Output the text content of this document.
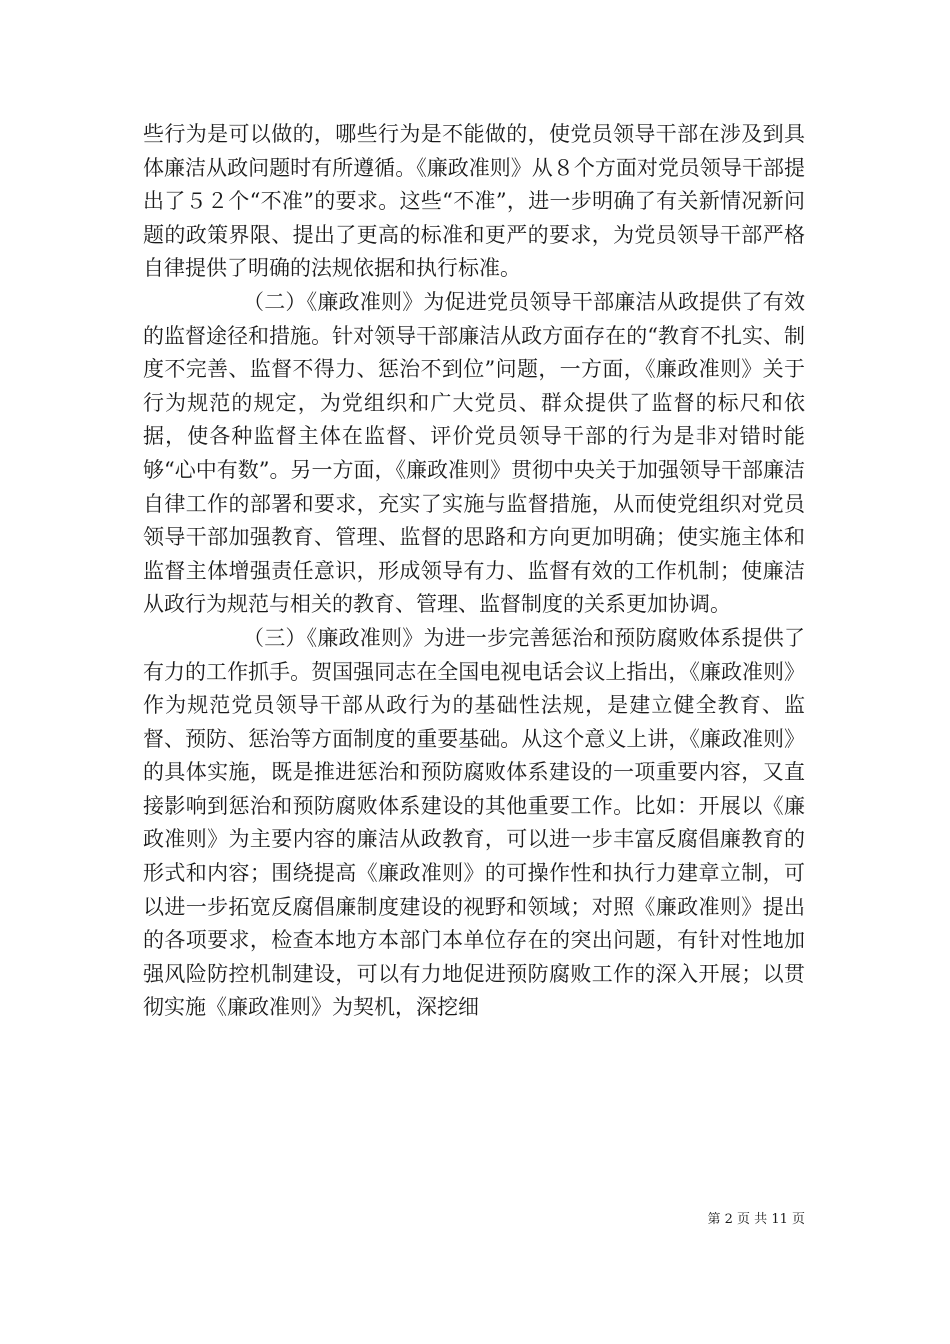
些行为是可以做的，哪些行为是不能做的，使党员领导干部在涉及到具体廉洁从政问题时有所遵循。《廉政准则》从８个方面对党员领导干部提出了５２个“不准”的要求。这些“不准”，进一步明确了有关新情况新问题的政策界限、提出了更高的标准和更严的要求，为党员领导干部严格自律提供了明确的法规依据和执行标准。

（二）《廉政准则》为促进党员领导干部廉洁从政提供了有效的监督途径和措施。针对领导干部廉洁从政方面存在的“教育不扎实、制度不完善、监督不得力、惩治不到位”问题，一方面，《廉政准则》关于行为规范的规定，为党组织和广大党员、群众提供了监督的标尺和依据，使各种监督主体在监督、评价党员领导干部的行为是非对错时能够“心中有数”。另一方面，《廉政准则》贯彻中央关于加强领导干部廉洁自律工作的部署和要求，充实了实施与监督措施，从而使党组织对党员领导干部加强教育、管理、监督的思路和方向更加明确；使实施主体和监督主体增强责任意识，形成领导有力、监督有效的工作机制；使廉洁从政行为规范与相关的教育、管理、监督制度的关系更加协调。

（三）《廉政准则》为进一步完善惩治和预防腐败体系提供了有力的工作抓手。贺国强同志在全国电视电话会议上指出，《廉政准则》作为规范党员领导干部从政行为的基础性法规，是建立健全教育、监督、预防、惩治等方面制度的重要基础。从这个意义上讲，《廉政准则》的具体实施，既是推进惩治和预防腐败体系建设的一项重要内容，又直接影响到惩治和预防腐败体系建设的其他重要工作。比如：开展以《廉政准则》为主要内容的廉洁从政教育，可以进一步丰富反腐倡廉教育的形式和内容；围绕提高《廉政准则》的可操作性和执行力建章立制，可以进一步拓宽反腐倡廉制度建设的视野和领域；对照《廉政准则》提出的各项要求，检查本地方本部门本单位存在的突出问题，有针对性地加强风险防控机制建设，可以有力地促进预防腐败工作的深入开展；以贯彻实施《廉政准则》为契机，深挖细

第 2 页 共 11 页
